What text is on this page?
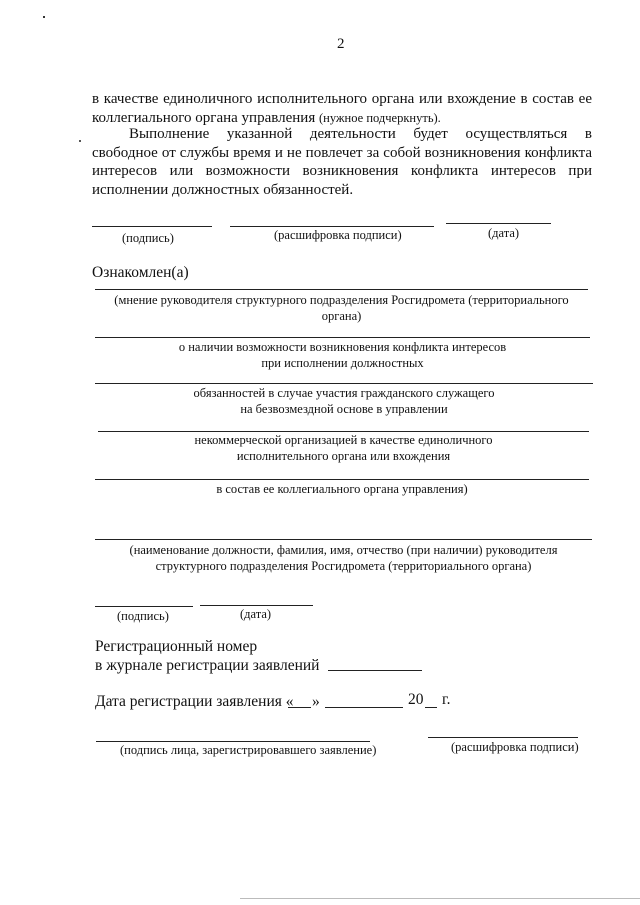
2
в качестве единоличного исполнительного органа или вхождение в состав ее
коллегиального органа управления (нужное подчеркнуть).
Выполнение указанной деятельности будет осуществляться в
свободное от службы время и не повлечет за собой возникновения конфликта
интересов или возможности возникновения конфликта интересов при
исполнении должностных обязанностей.
(подпись)	(расшифровка подписи)	(дата)
Ознакомлен(а)
(мнение руководителя структурного подразделения Росгидромета (территориального
органа)
о наличии возможности возникновения конфликта интересов
при исполнении должностных
обязанностей в случае участия гражданского служащего
на безвозмездной основе в управлении
некоммерческой организацией в качестве единоличного
исполнительного органа или вхождения
в состав ее коллегиального органа управления)
(наименование должности, фамилия, имя, отчество (при наличии) руководителя
структурного подразделения Росгидромета (территориального органа)
(подпись)	(дата)
Регистрационный номер
в журнале регистрации заявлений
Дата регистрации заявления « »	20 г.
(подпись лица, зарегистрировавшего заявление)	(расшифровка подписи)
